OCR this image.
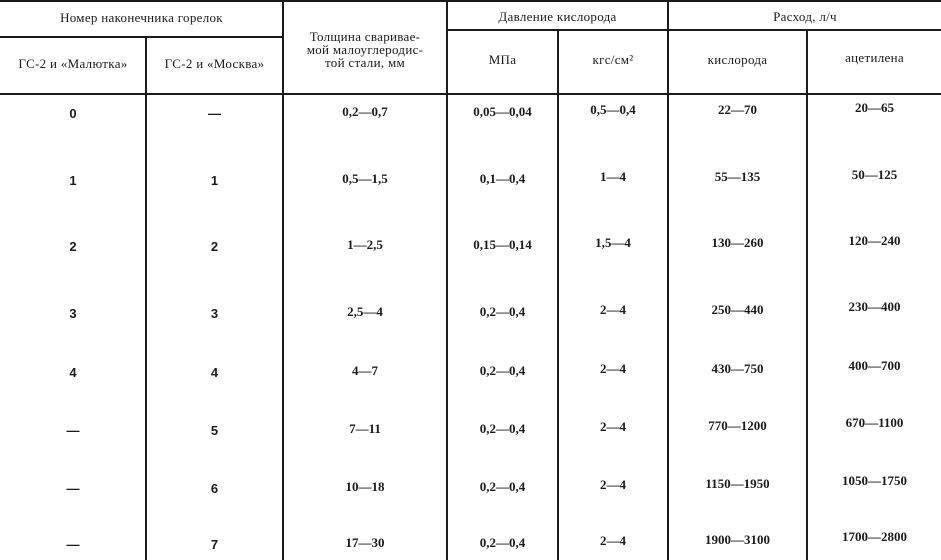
Номер наконечника горелок
ГС-2 и «Малютка»	ГС-2 и «Москва»
Толщина сваривае-
мой малоуглеродис-
той стали, мм
Давление кислорода
МПа	кгс/см²
Расход, л/ч
кислорода	ацетилена
0	—	0,2—0,7	0,05—0,04	0,5—0,4	22—70	20—65
1	1	0,5—1,5	0,1—0,4	1—4	55—135	50—125
2	2	1—2,5	0,15—0,14	1,5—4	130—260	120—240
3	3	2,5—4	0,2—0,4	2—4	250—440	230—400
4	4	4—7	0,2—0,4	2—4	430—750	400—700
—	5	7—11	0,2—0,4	2—4	770—1200	670—1100
—	6	10—18	0,2—0,4	2—4	1150—1950	1050—1750
—	7	17—30	0,2—0,4	2—4	1900—3100	1700—2800
